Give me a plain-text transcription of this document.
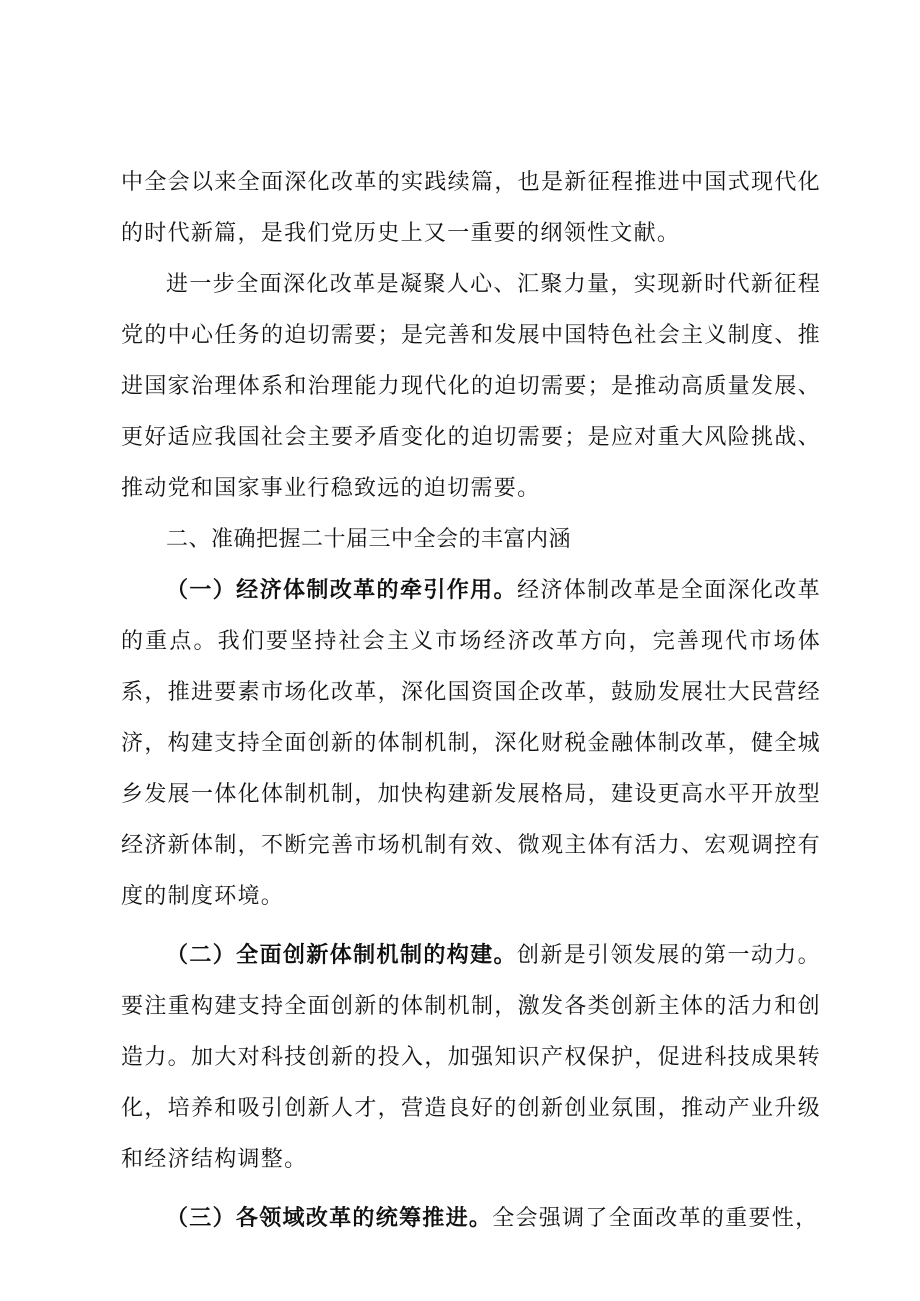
中全会以来全面深化改革的实践续篇，也是新征程推进中国式现代化的时代新篇，是我们党历史上又一重要的纲领性文献。

进一步全面深化改革是凝聚人心、汇聚力量，实现新时代新征程党的中心任务的迫切需要；是完善和发展中国特色社会主义制度、推进国家治理体系和治理能力现代化的迫切需要；是推动高质量发展、更好适应我国社会主要矛盾变化的迫切需要；是应对重大风险挑战、推动党和国家事业行稳致远的迫切需要。

二、准确把握二十届三中全会的丰富内涵

（一）经济体制改革的牵引作用。经济体制改革是全面深化改革的重点。我们要坚持社会主义市场经济改革方向，完善现代市场体系，推进要素市场化改革，深化国资国企改革，鼓励发展壮大民营经济，构建支持全面创新的体制机制，深化财税金融体制改革，健全城乡发展一体化体制机制，加快构建新发展格局，建设更高水平开放型经济新体制，不断完善市场机制有效、微观主体有活力、宏观调控有度的制度环境。

（二）全面创新体制机制的构建。创新是引领发展的第一动力。要注重构建支持全面创新的体制机制，激发各类创新主体的活力和创造力。加大对科技创新的投入，加强知识产权保护，促进科技成果转化，培养和吸引创新人才，营造良好的创新创业氛围，推动产业升级和经济结构调整。

（三）各领域改革的统筹推进。全会强调了全面改革的重要性，
